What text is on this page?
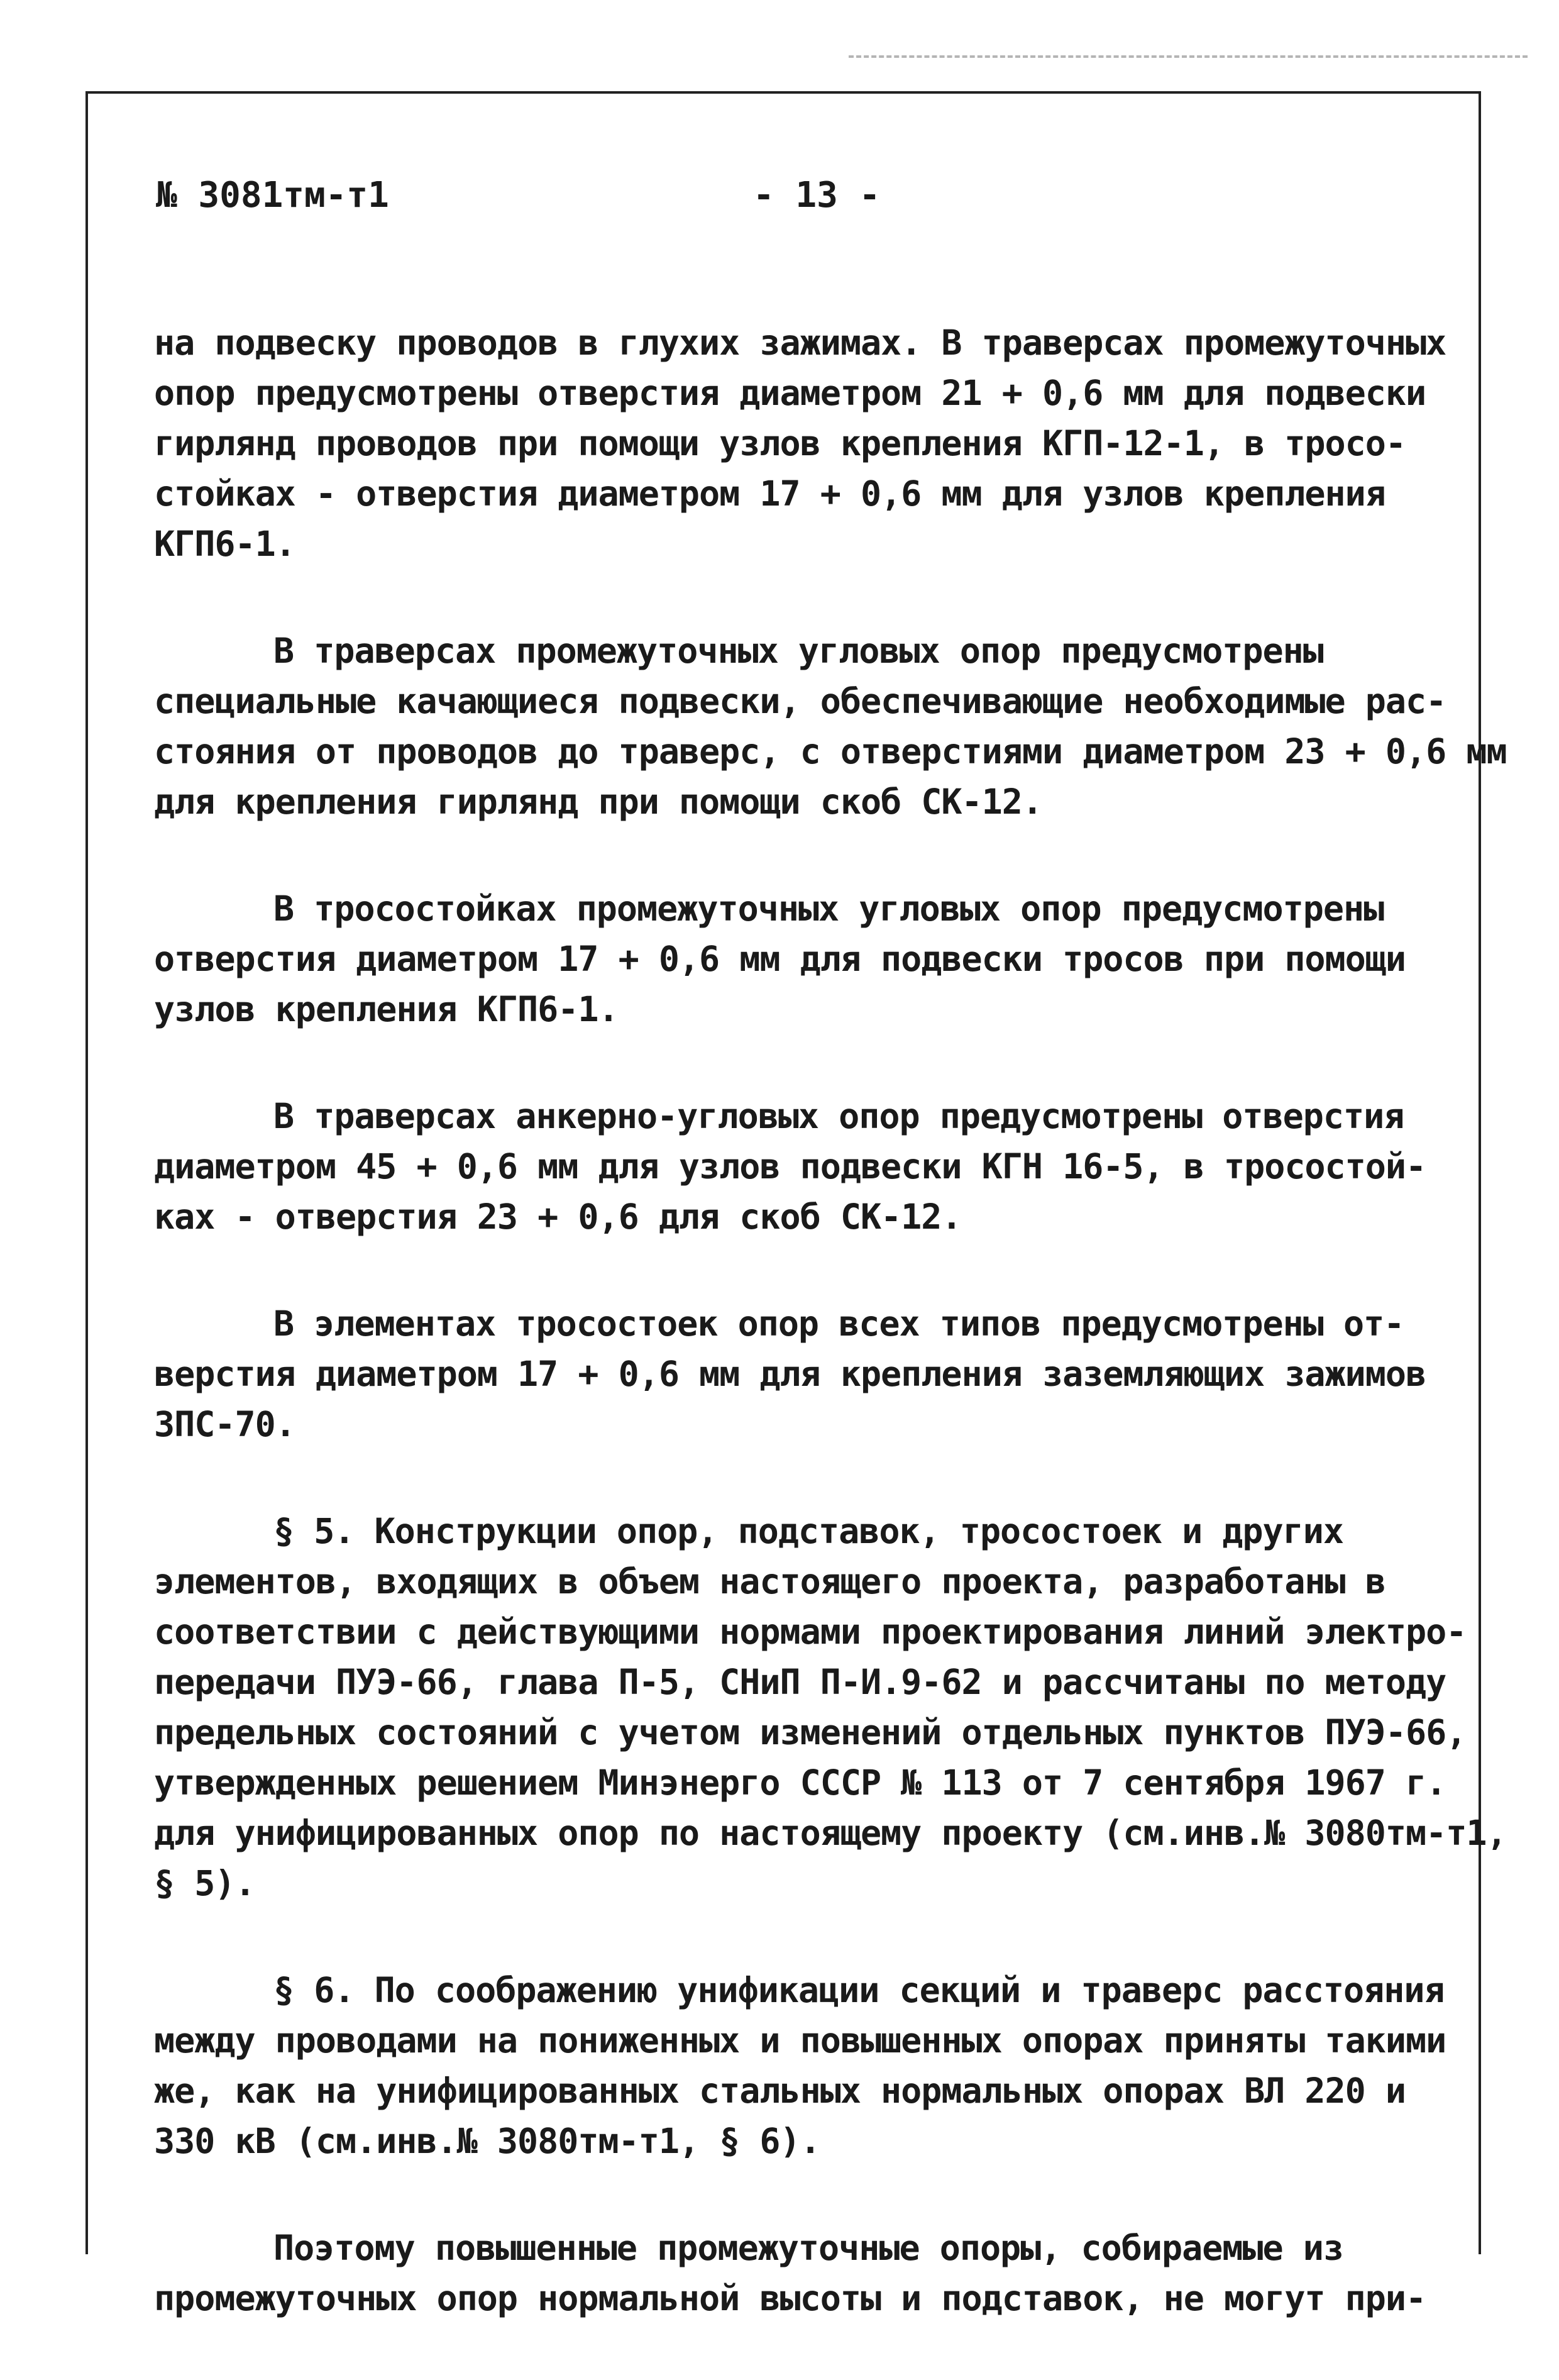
№ 3081тм-т1	- 13 -
на подвеску проводов в глухих зажимах. В траверсах промежуточных
опор предусмотрены отверстия диаметром 21 + 0,6 мм для подвески
гирлянд проводов при помощи узлов крепления КГП-12-1, в тросо-
стойках - отверстия диаметром 17 + 0,6 мм для узлов крепления
КГП6-1.
В траверсах промежуточных угловых опор предусмотрены
специальные качающиеся подвески, обеспечивающие необходимые рас-
стояния от проводов до траверс, с отверстиями диаметром 23 + 0,6 мм
для крепления гирлянд при помощи скоб СК-12.
В тросостойках промежуточных угловых опор предусмотрены
отверстия диаметром 17 + 0,6 мм для подвески тросов при помощи
узлов крепления КГП6-1.
В траверсах анкерно-угловых опор предусмотрены отверстия
диаметром 45 + 0,6 мм для узлов подвески КГН 16-5, в тросостой-
ках - отверстия 23 + 0,6 для скоб СК-12.
В элементах тросостоек опор всех типов предусмотрены от-
верстия диаметром 17 + 0,6 мм для крепления заземляющих зажимов
ЗПС-70.
§ 5. Конструкции опор, подставок, тросостоек и других
элементов, входящих в объем настоящего проекта, разработаны в
соответствии с действующими нормами проектирования линий электро-
передачи ПУЭ-66, глава П-5, СНиП П-И.9-62 и рассчитаны по методу
предельных состояний с учетом изменений отдельных пунктов ПУЭ-66,
утвержденных решением Минэнерго СССР № 113 от 7 сентября 1967 г.
для унифицированных опор по настоящему проекту (см.инв.№ 3080тм-т1,
§ 5).
§ 6. По соображению унификации секций и траверс расстояния
между проводами на пониженных и повышенных опорах приняты такими
же, как на унифицированных стальных нормальных опорах ВЛ 220 и
330 кВ (см.инв.№ 3080тм-т1, § 6).
Поэтому повышенные промежуточные опоры, собираемые из
промежуточных опор нормальной высоты и подставок, не могут при-
